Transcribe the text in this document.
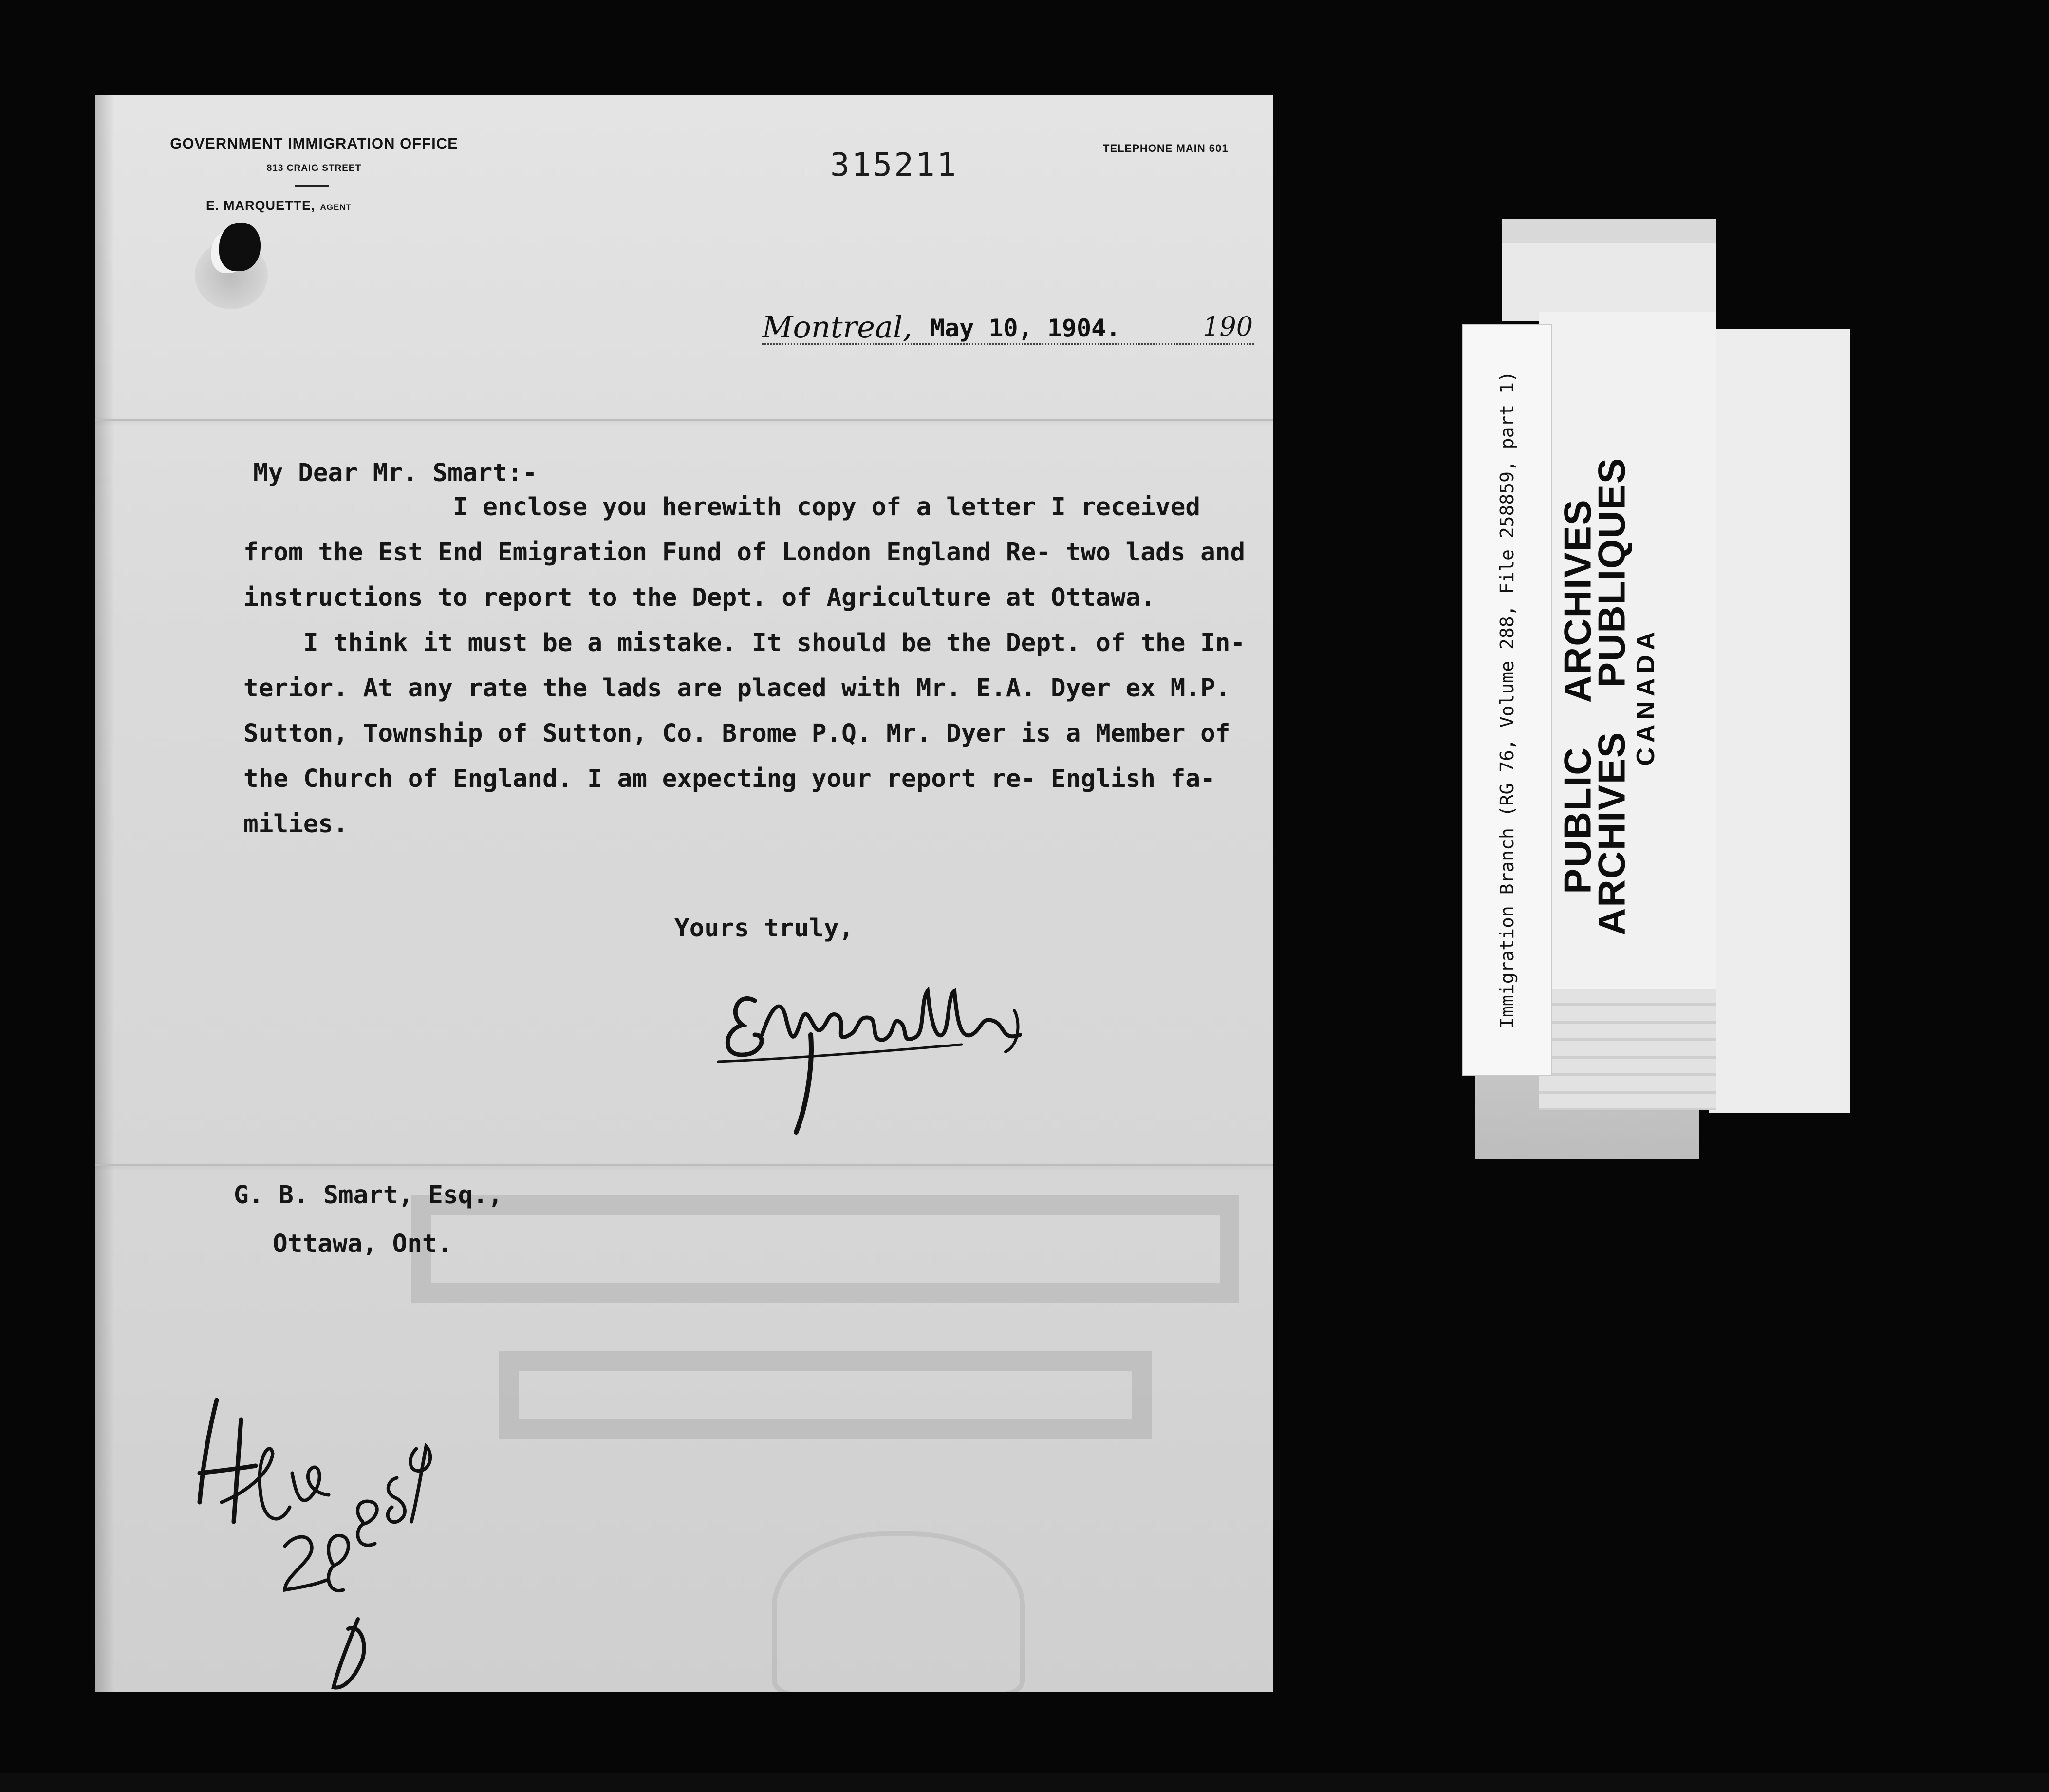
GOVERNMENT IMMIGRATION OFFICE
813 CRAIG STREET
E. MARQUETTE, AGENT
TELEPHONE MAIN 601
315211
Montreal, May 10, 1904.	190
My Dear Mr. Smart:-
I enclose you herewith copy of a letter I received
from the Est End Emigration Fund of London England Re- two lads and
instructions to report to the Dept. of Agriculture at Ottawa.
I think it must be a mistake. It should be the Dept. of the In-
terior. At any rate the lads are placed with Mr. E.A. Dyer ex M.P.
Sutton, Township of Sutton, Co. Brome P.Q. Mr. Dyer is a Member of
the Church of England. I am expecting your report re- English fa-
milies.
Yours truly,
G. B. Smart, Esq.,
Ottawa, Ont.
Immigration Branch (RG 76, Volume 288, File 258859, part 1) PUBLICARCHIVES
ARCHIVESPUBLIQUES
CANADA
